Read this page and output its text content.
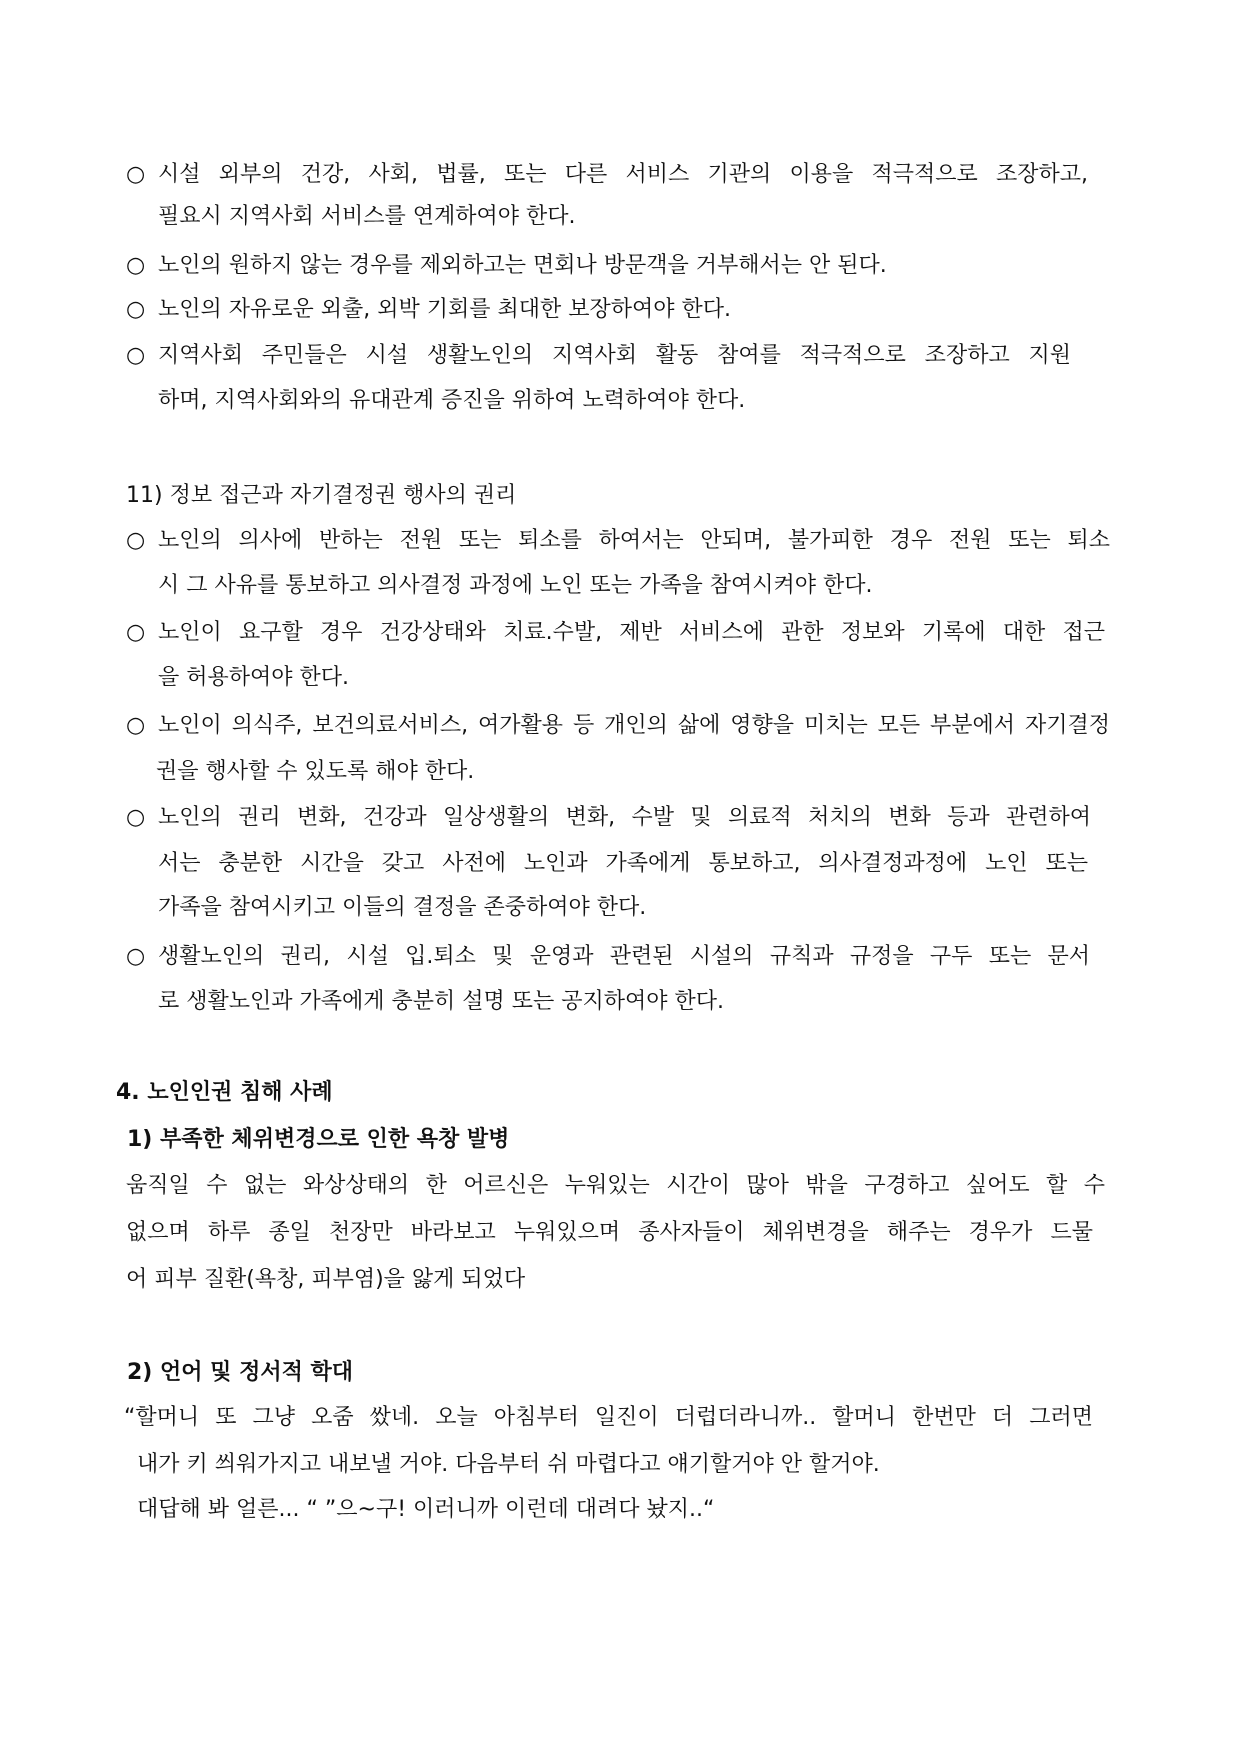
○ 시설 외부의 건강, 사회, 법률, 또는 다른 서비스 기관의 이용을 적극적으로 조장하고,
필요시 지역사회 서비스를 연계하여야 한다.
○ 노인의 원하지 않는 경우를 제외하고는 면회나 방문객을 거부해서는 안 된다.
○ 노인의 자유로운 외출, 외박 기회를 최대한 보장하여야 한다.
○ 지역사회 주민들은 시설 생활노인의 지역사회 활동 참여를 적극적으로 조장하고 지원
하며, 지역사회와의 유대관계 증진을 위하여 노력하여야 한다.
11) 정보 접근과 자기결정권 행사의 권리
○ 노인의 의사에 반하는 전원 또는 퇴소를 하여서는 안되며, 불가피한 경우 전원 또는 퇴소
시 그 사유를 통보하고 의사결정 과정에 노인 또는 가족을 참여시켜야 한다.
○ 노인이 요구할 경우 건강상태와 치료.수발, 제반 서비스에 관한 정보와 기록에 대한 접근
을 허용하여야 한다.
○ 노인이 의식주, 보건의료서비스, 여가활용 등 개인의 삶에 영향을 미치는 모든 부분에서 자기결정
권을 행사할 수 있도록 해야 한다.
○ 노인의 권리 변화, 건강과 일상생활의 변화, 수발 및 의료적 처치의 변화 등과 관련하여
서는 충분한 시간을 갖고 사전에 노인과 가족에게 통보하고, 의사결정과정에 노인 또는
가족을 참여시키고 이들의 결정을 존중하여야 한다.
○ 생활노인의 권리, 시설 입.퇴소 및 운영과 관련된 시설의 규칙과 규정을 구두 또는 문서
로 생활노인과 가족에게 충분히 설명 또는 공지하여야 한다.
4. 노인인권 침해 사례
1) 부족한 체위변경으로 인한 욕창 발병
움직일 수 없는 와상상태의 한 어르신은 누워있는 시간이 많아 밖을 구경하고 싶어도 할 수
없으며 하루 종일 천장만 바라보고 누워있으며 종사자들이 체위변경을 해주는 경우가 드물
어 피부 질환(욕창, 피부염)을 앓게 되었다
2) 언어 및 정서적 학대
“할머니 또 그냥 오줌 쌌네. 오늘 아침부터 일진이 더럽더라니까.. 할머니 한번만 더 그러면
내가 키 씌워가지고 내보낼 거야. 다음부터 쉬 마렵다고 얘기할거야 안 할거야.
대답해 봐 얼른... “ ”으~구! 이러니까 이런데 대려다 놨지..“
